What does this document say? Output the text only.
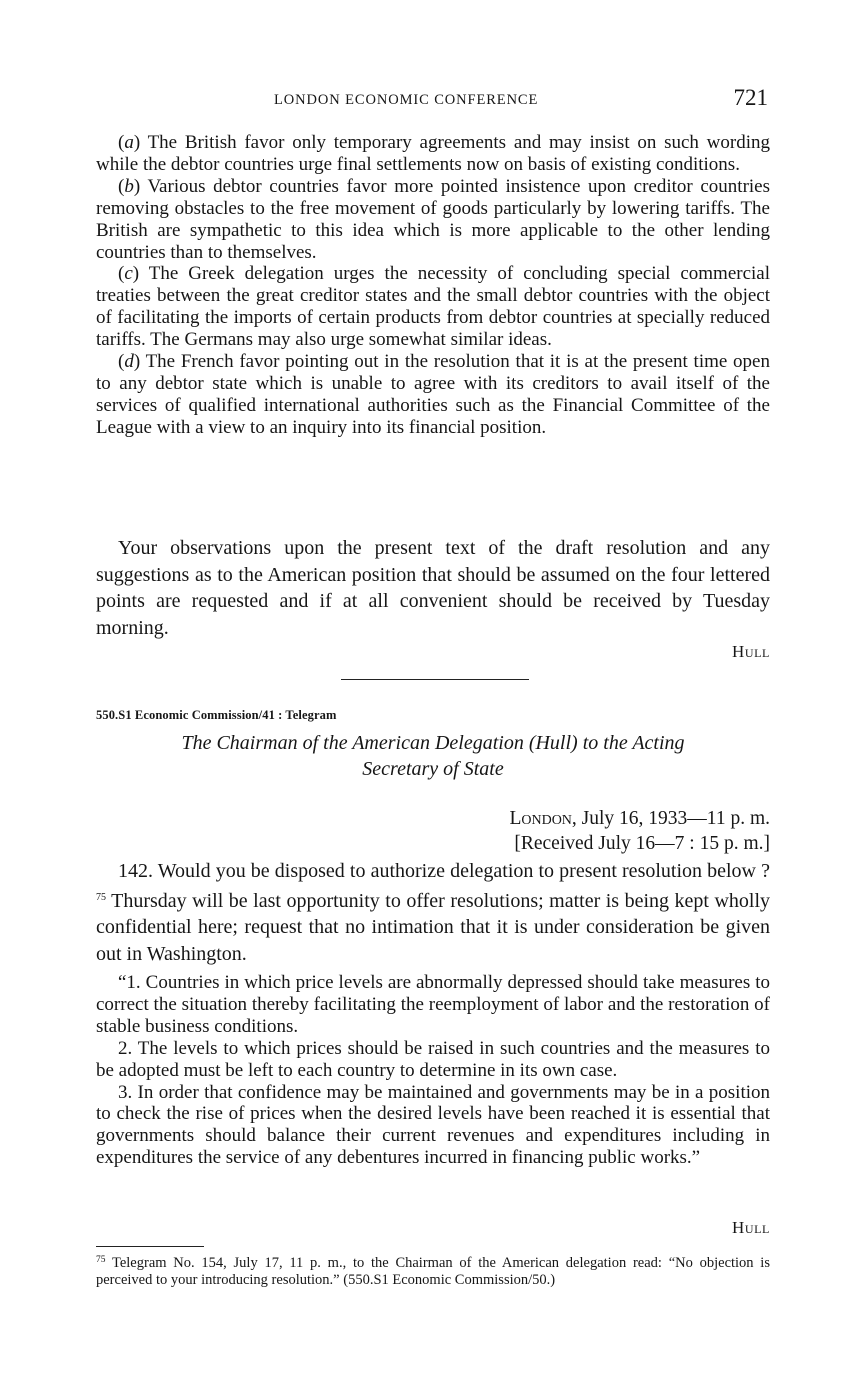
LONDON ECONOMIC CONFERENCE	721

(a) The British favor only temporary agreements and may insist on such wording while the debtor countries urge final settlements now on basis of existing conditions.

(b) Various debtor countries favor more pointed insistence upon creditor countries removing obstacles to the free movement of goods particularly by lowering tariffs. The British are sympathetic to this idea which is more applicable to the other lending countries than to themselves.

(c) The Greek delegation urges the necessity of concluding special commercial treaties between the great creditor states and the small debtor countries with the object of facilitating the imports of certain products from debtor countries at specially reduced tariffs. The Germans may also urge somewhat similar ideas.

(d) The French favor pointing out in the resolution that it is at the present time open to any debtor state which is unable to agree with its creditors to avail itself of the services of qualified international authorities such as the Financial Committee of the League with a view to an inquiry into its financial position.

Your observations upon the present text of the draft resolution and any suggestions as to the American position that should be assumed on the four lettered points are requested and if at all convenient should be received by Tuesday morning.

Hull
550.S1 Economic Commission/41 : Telegram
The Chairman of the American Delegation (Hull) to the Acting
Secretary of State
London, July 16, 1933—11 p. m.
[Received July 16—7 : 15 p. m.]

142. Would you be disposed to authorize delegation to present resolution below ? $^{75}$ Thursday will be last opportunity to offer resolutions; matter is being kept wholly confidential here; request that no intimation that it is under consideration be given out in Washington.

“1. Countries in which price levels are abnormally depressed should take measures to correct the situation thereby facilitating the reemployment of labor and the restoration of stable business conditions.

2. The levels to which prices should be raised in such countries and the measures to be adopted must be left to each country to determine in its own case.

3. In order that confidence may be maintained and governments may be in a position to check the rise of prices when the desired levels have been reached it is essential that governments should balance their current revenues and expenditures including in expenditures the service of any debentures incurred in financing public works.”

Hull
$^{75}$ Telegram No. 154, July 17, 11 p. m., to the Chairman of the American delegation read: “No objection is perceived to your introducing resolution.” (550.S1 Economic Commission/50.)
